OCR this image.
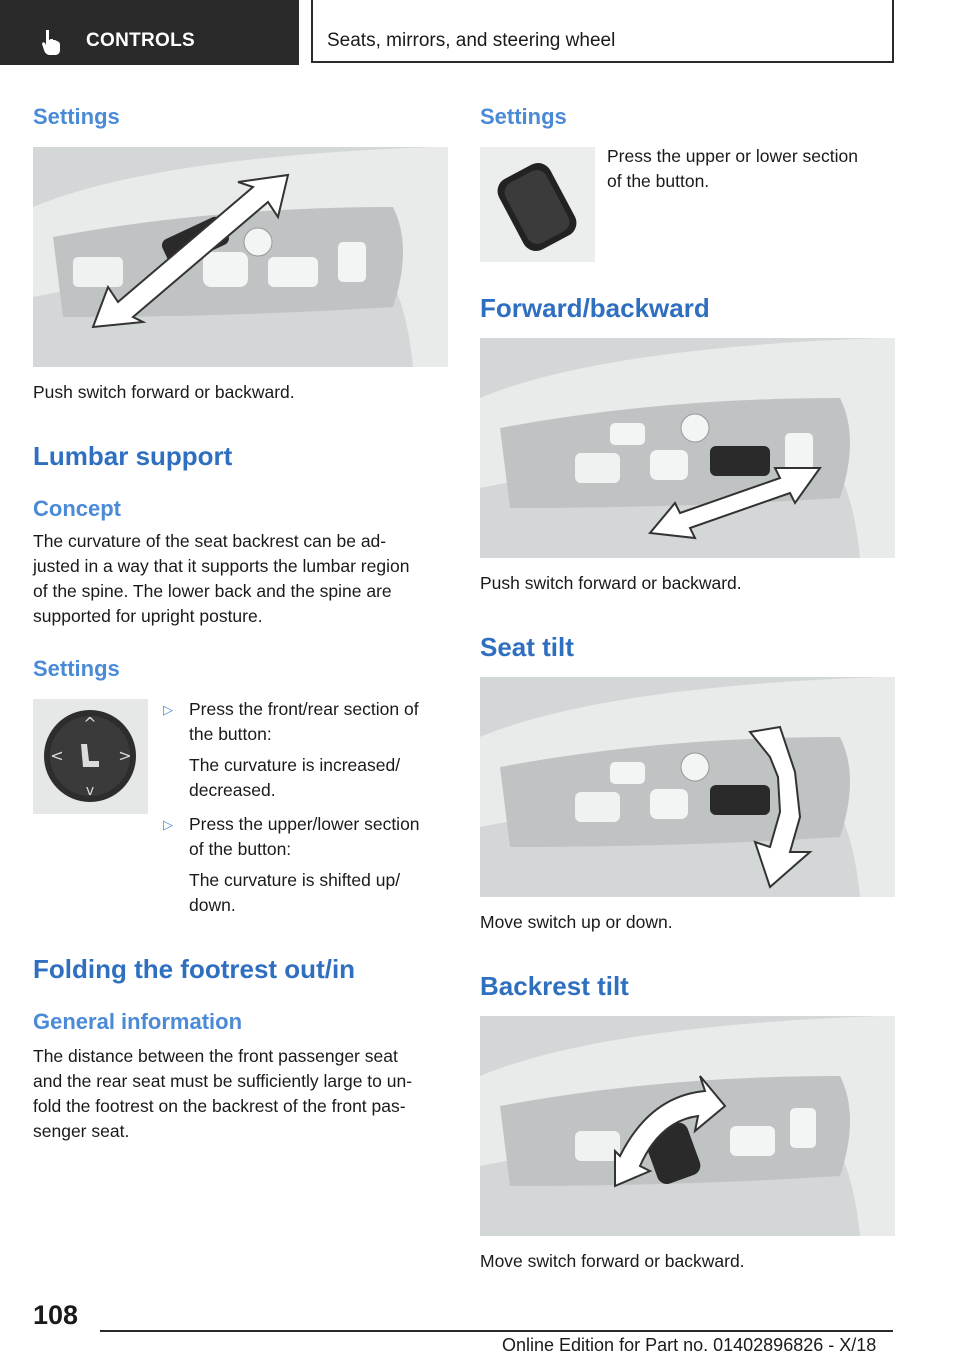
CONTROLS	Seats, mirrors, and steering wheel
Settings
Push switch forward or backward.
Lumbar support
Concept
The curvature of the seat backrest can be ad-
justed in a way that it supports the lumbar region
of the spine. The lower back and the spine are
supported for upright posture.
Settings
^
v
<	>
▷ Press the front/rear section of
the button:
The curvature is increased/
decreased.
▷ Press the upper/lower section
of the button:
The curvature is shifted up/
down.
Folding the footrest out/in
General information
The distance between the front passenger seat
and the rear seat must be sufficiently large to un-
fold the footrest on the backrest of the front pas-
senger seat.
Settings
Press the upper or lower section
of the button.
Forward/backward
Push switch forward or backward.
Seat tilt
Move switch up or down.
Backrest tilt
Move switch forward or backward.
108
Online Edition for Part no. 01402896826 - X/18
